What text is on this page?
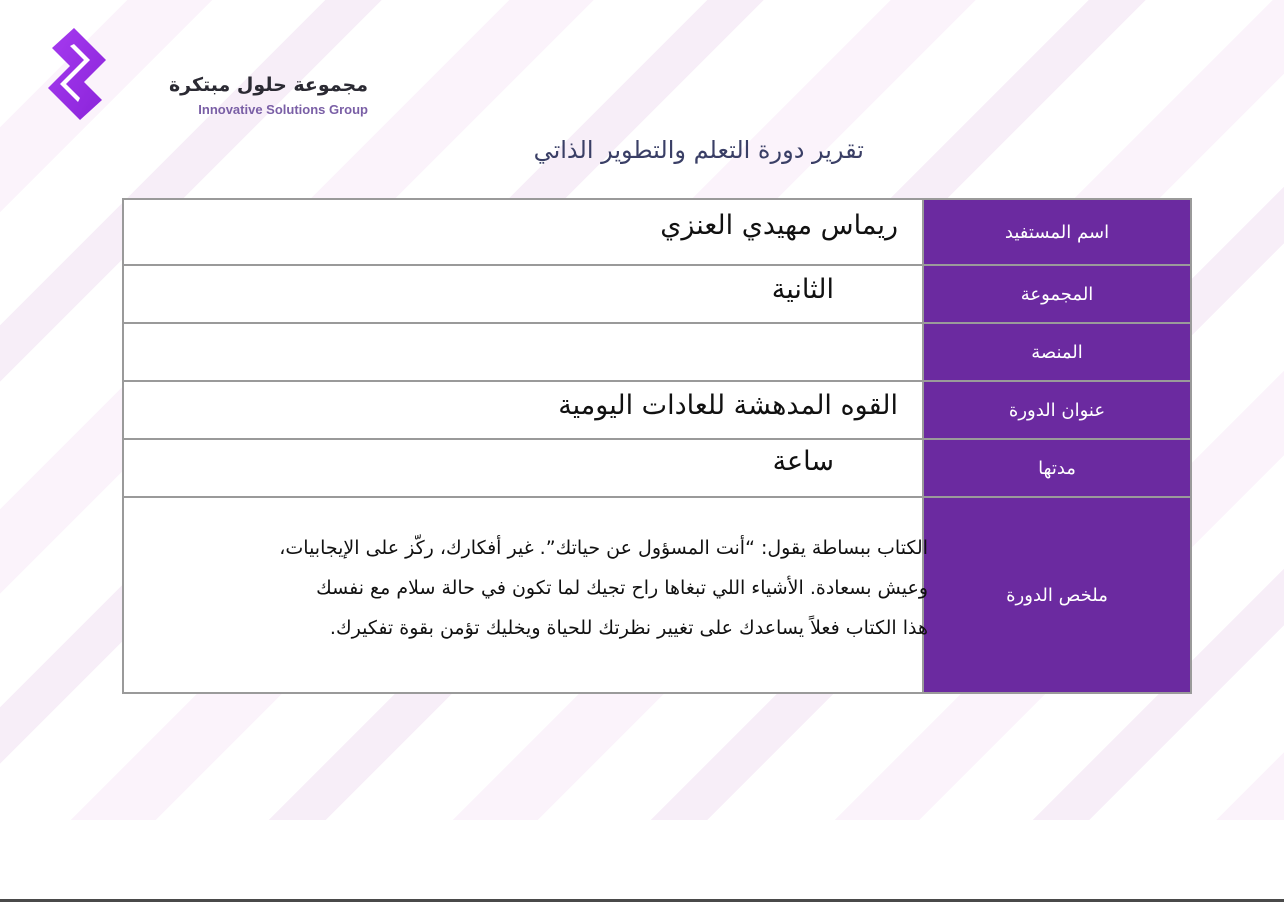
مجموعة حلول مبتكرة
Innovative Solutions Group
تقرير دورة التعلم والتطوير الذاتي
ريماس مهيدي العنزي	اسم المستفيد
الثانية	المجموعة
المنصة
القوه المدهشة للعادات اليومية	عنوان الدورة
ساعة	مدتها
ملخص الدورة
الكتاب ببساطة يقول: “أنت المسؤول عن حياتك”. غير أفكارك، ركّز على الإيجابيات،
وعيش بسعادة. الأشياء اللي تبغاها راح تجيك لما تكون في حالة سلام مع نفسك
هذا الكتاب فعلاً يساعدك على تغيير نظرتك للحياة ويخليك تؤمن بقوة تفكيرك.
